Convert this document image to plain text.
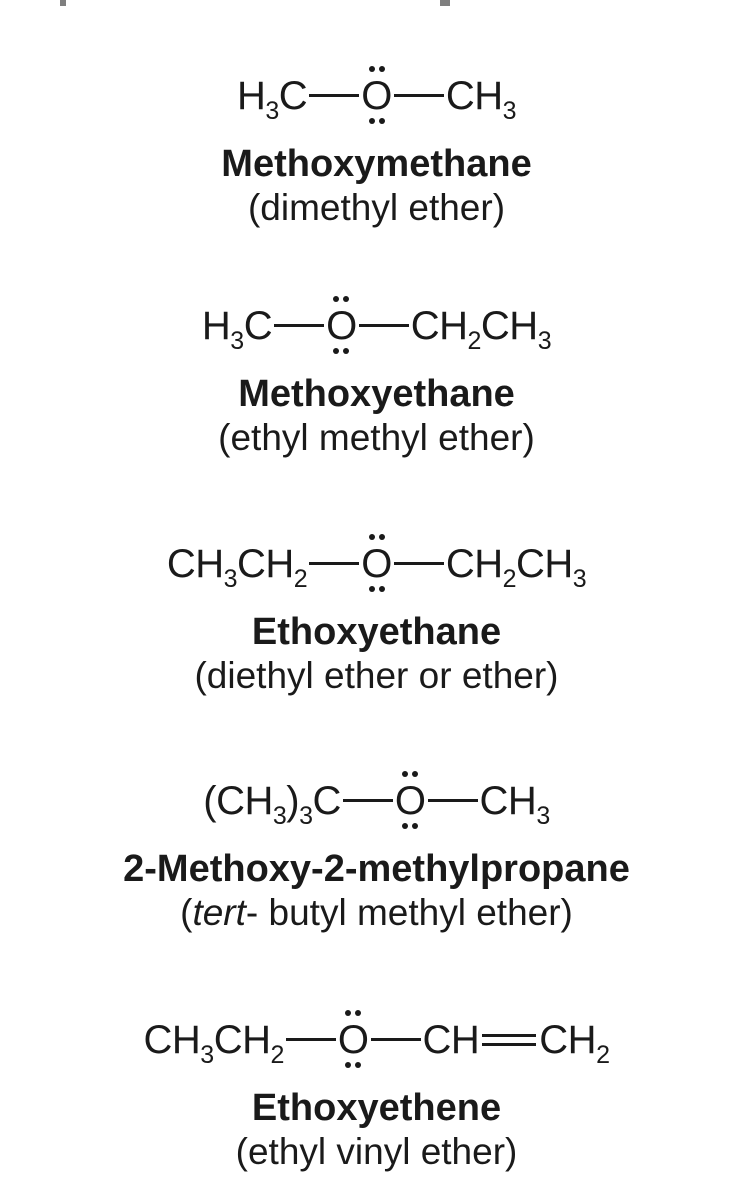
$H_3C$ O $CH_3$
Methoxymethane
(dimethyl ether)
$H_3C$ O $CH_2CH_3$
Methoxyethane
(ethyl methyl ether)
$CH_3CH_2$ O $CH_2CH_3$
Ethoxyethane
(diethyl ether or ether)
$(CH_3)_3C$ O $CH_3$
2-Methoxy-2-methylpropane
(tert- butyl methyl ether)
$CH_3CH_2$ O CH $CH_2$
Ethoxyethene
(ethyl vinyl ether)
